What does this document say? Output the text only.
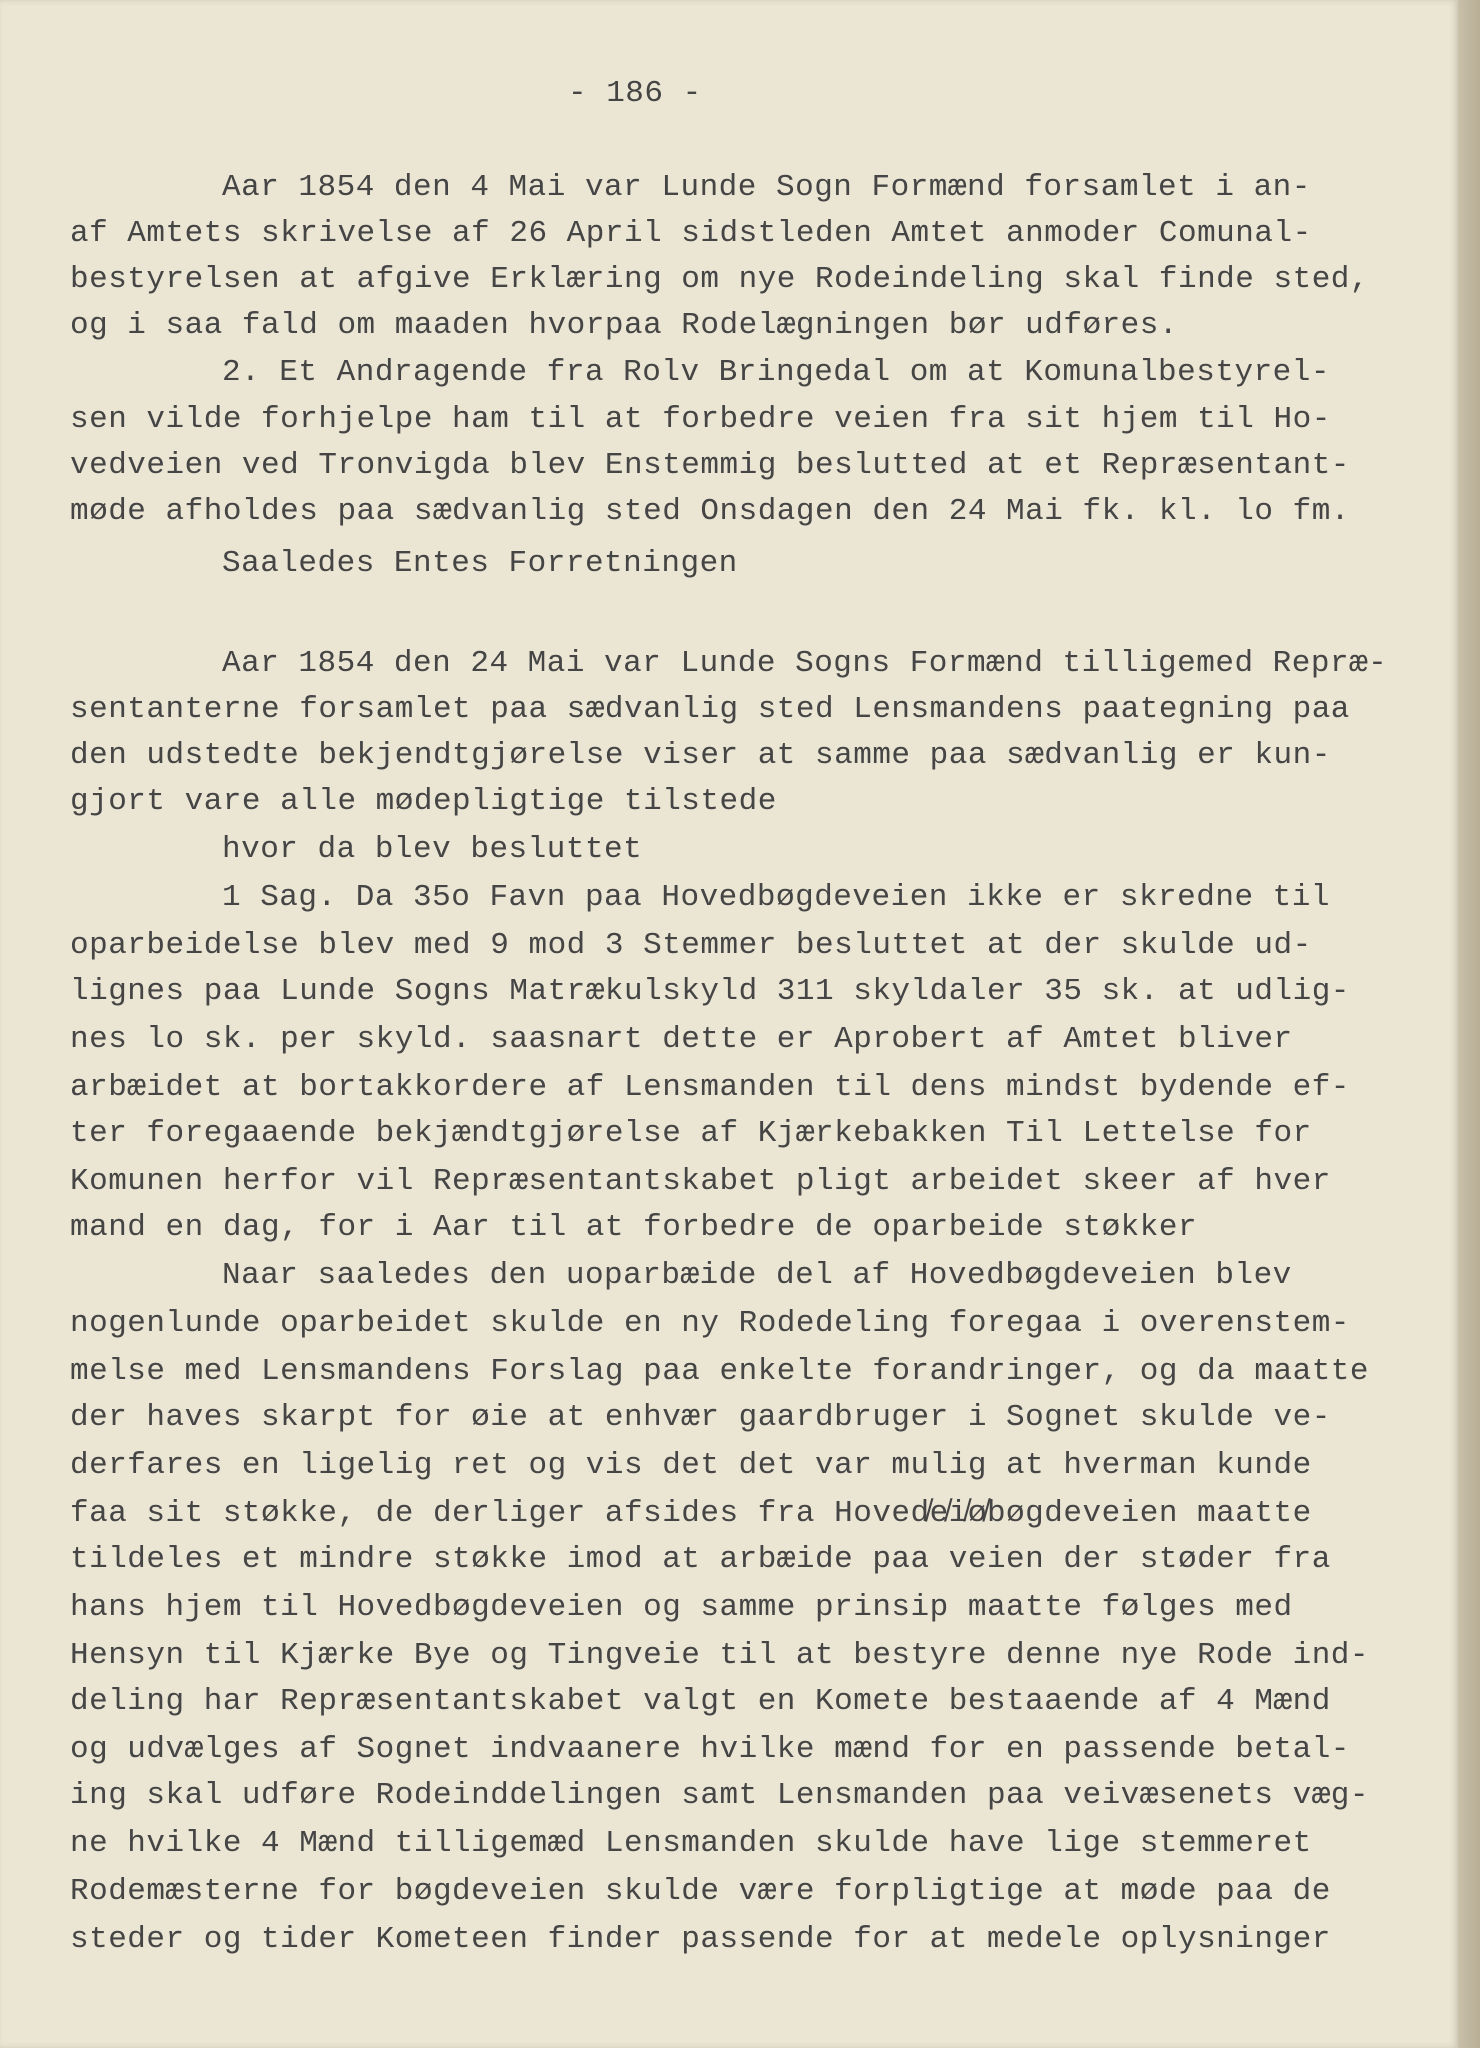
- 186 -
Aar 1854 den 4 Mai var Lunde Sogn Formænd forsamlet i an-
af Amtets skrivelse af 26 April sidstleden Amtet anmoder Comunal-
bestyrelsen at afgive Erklæring om nye Rodeindeling skal finde sted,
og i saa fald om maaden hvorpaa Rodelægningen bør udføres.
2. Et Andragende fra Rolv Bringedal om at Komunalbestyrel-
sen vilde forhjelpe ham til at forbedre veien fra sit hjem til Ho-
vedveien ved Tronvigda blev Enstemmig beslutted at et Repræsentant-
møde afholdes paa sædvanlig sted Onsdagen den 24 Mai fk. kl. lo fm.
Saaledes Entes Forretningen
Aar 1854 den 24 Mai var Lunde Sogns Formænd tilligemed Repræ-
sentanterne forsamlet paa sædvanlig sted Lensmandens paategning paa
den udstedte bekjendtgjørelse viser at samme paa sædvanlig er kun-
gjort vare alle mødepligtige tilstede
hvor da blev besluttet
1 Sag. Da 35o Favn paa Hovedbøgdeveien ikke er skredne til
oparbeidelse blev med 9 mod 3 Stemmer besluttet at der skulde ud-
lignes paa Lunde Sogns Matrækulskyld 311 skyldaler 35 sk. at udlig-
nes lo sk. per skyld. saasnart dette er Aprobert af Amtet bliver
arbæidet at bortakkordere af Lensmanden til dens mindst bydende ef-
ter foregaaende bekjændtgjørelse af Kjærkebakken Til Lettelse for
Komunen herfor vil Repræsentantskabet pligt arbeidet skeer af hver
mand en dag, for i Aar til at forbedre de oparbeide støkker
Naar saaledes den uoparbæide del af Hovedbøgdeveien blev
nogenlunde oparbeidet skulde en ny Rodedeling foregaa i overenstem-
melse med Lensmandens Forslag paa enkelte forandringer, og da maatte
der haves skarpt for øie at enhvær gaardbruger i Sognet skulde ve-
derfares en ligelig ret og vis det det var mulig at hverman kunde
faa sit støkke, de derliger afsides fra Hoved̸e̸i̸ø̸bøgdeveien maatte
tildeles et mindre støkke imod at arbæide paa veien der støder fra
hans hjem til Hovedbøgdeveien og samme prinsip maatte følges med
Hensyn til Kjærke Bye og Tingveie til at bestyre denne nye Rode ind-
deling har Repræsentantskabet valgt en Komete bestaaende af 4 Mænd
og udvælges af Sognet indvaanere hvilke mænd for en passende betal-
ing skal udføre Rodeinddelingen samt Lensmanden paa veivæsenets væg-
ne hvilke 4 Mænd tilligemæd Lensmanden skulde have lige stemmeret
Rodemæsterne for bøgdeveien skulde være forpligtige at møde paa de
steder og tider Kometeen finder passende for at medele oplysninger
